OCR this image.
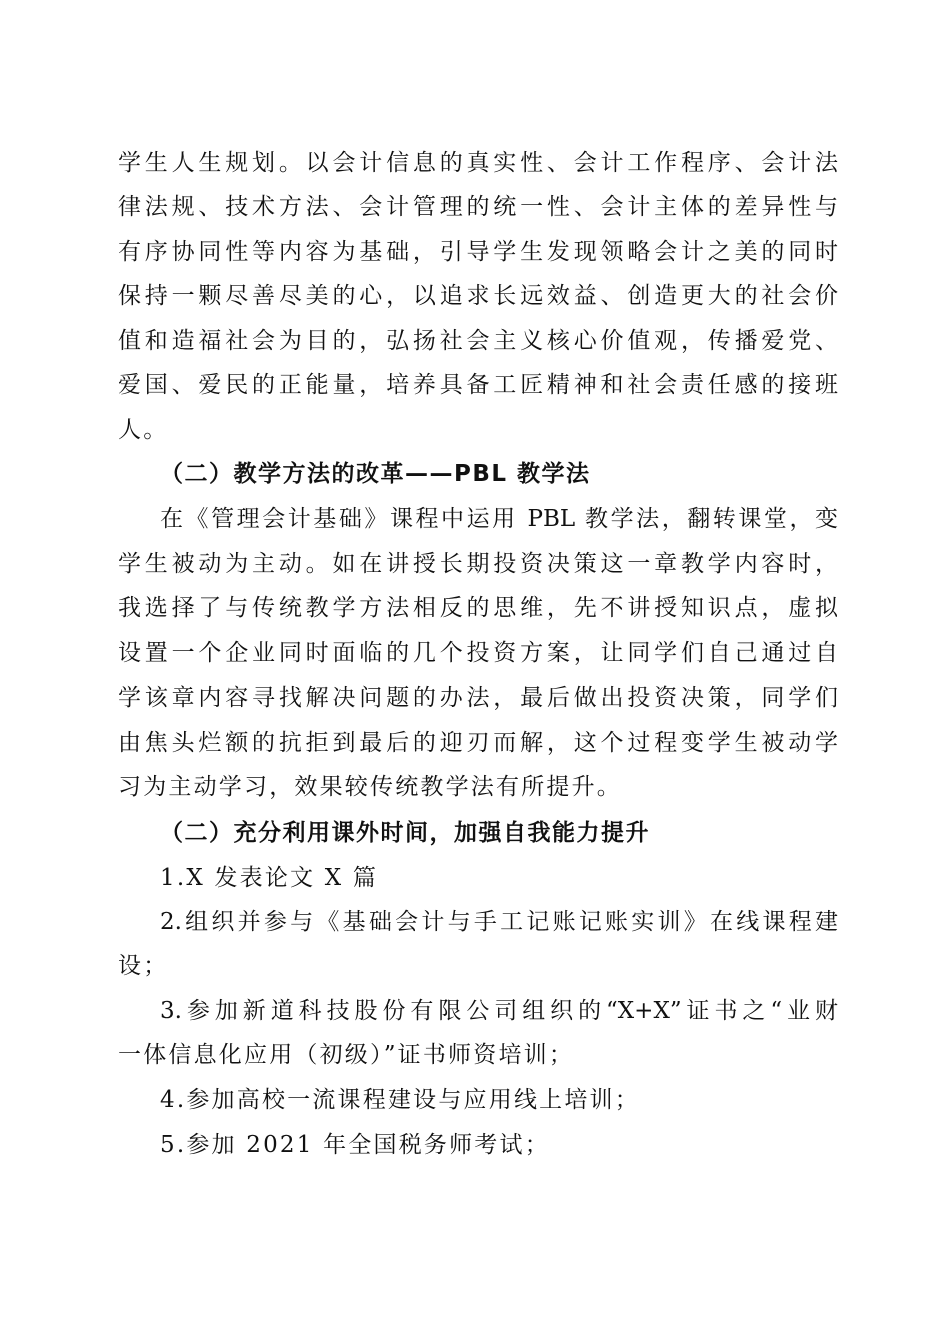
学生人生规划。以会计信息的真实性、会计工作程序、会计法
律法规、技术方法、会计管理的统一性、会计主体的差异性与
有序协同性等内容为基础，引导学生发现领略会计之美的同时
保持一颗尽善尽美的心，以追求长远效益、创造更大的社会价
值和造福社会为目的，弘扬社会主义核心价值观，传播爱党、
爱国、爱民的正能量，培养具备工匠精神和社会责任感的接班
人。
（二）教学方法的改革——PBL 教学法
在《管理会计基础》课程中运用 PBL 教学法，翻转课堂，变
学生被动为主动。如在讲授长期投资决策这一章教学内容时，
我选择了与传统教学方法相反的思维，先不讲授知识点，虚拟
设置一个企业同时面临的几个投资方案，让同学们自己通过自
学该章内容寻找解决问题的办法，最后做出投资决策，同学们
由焦头烂额的抗拒到最后的迎刃而解，这个过程变学生被动学
习为主动学习，效果较传统教学法有所提升。
（二）充分利用课外时间，加强自我能力提升
1.X 发表论文 X 篇
2.组织并参与《基础会计与手工记账记账实训》在线课程建
设；
3.参加新道科技股份有限公司组织的“X+X”证书之“业财
一体信息化应用（初级）”证书师资培训；
4.参加高校一流课程建设与应用线上培训；
5.参加 2021 年全国税务师考试；
